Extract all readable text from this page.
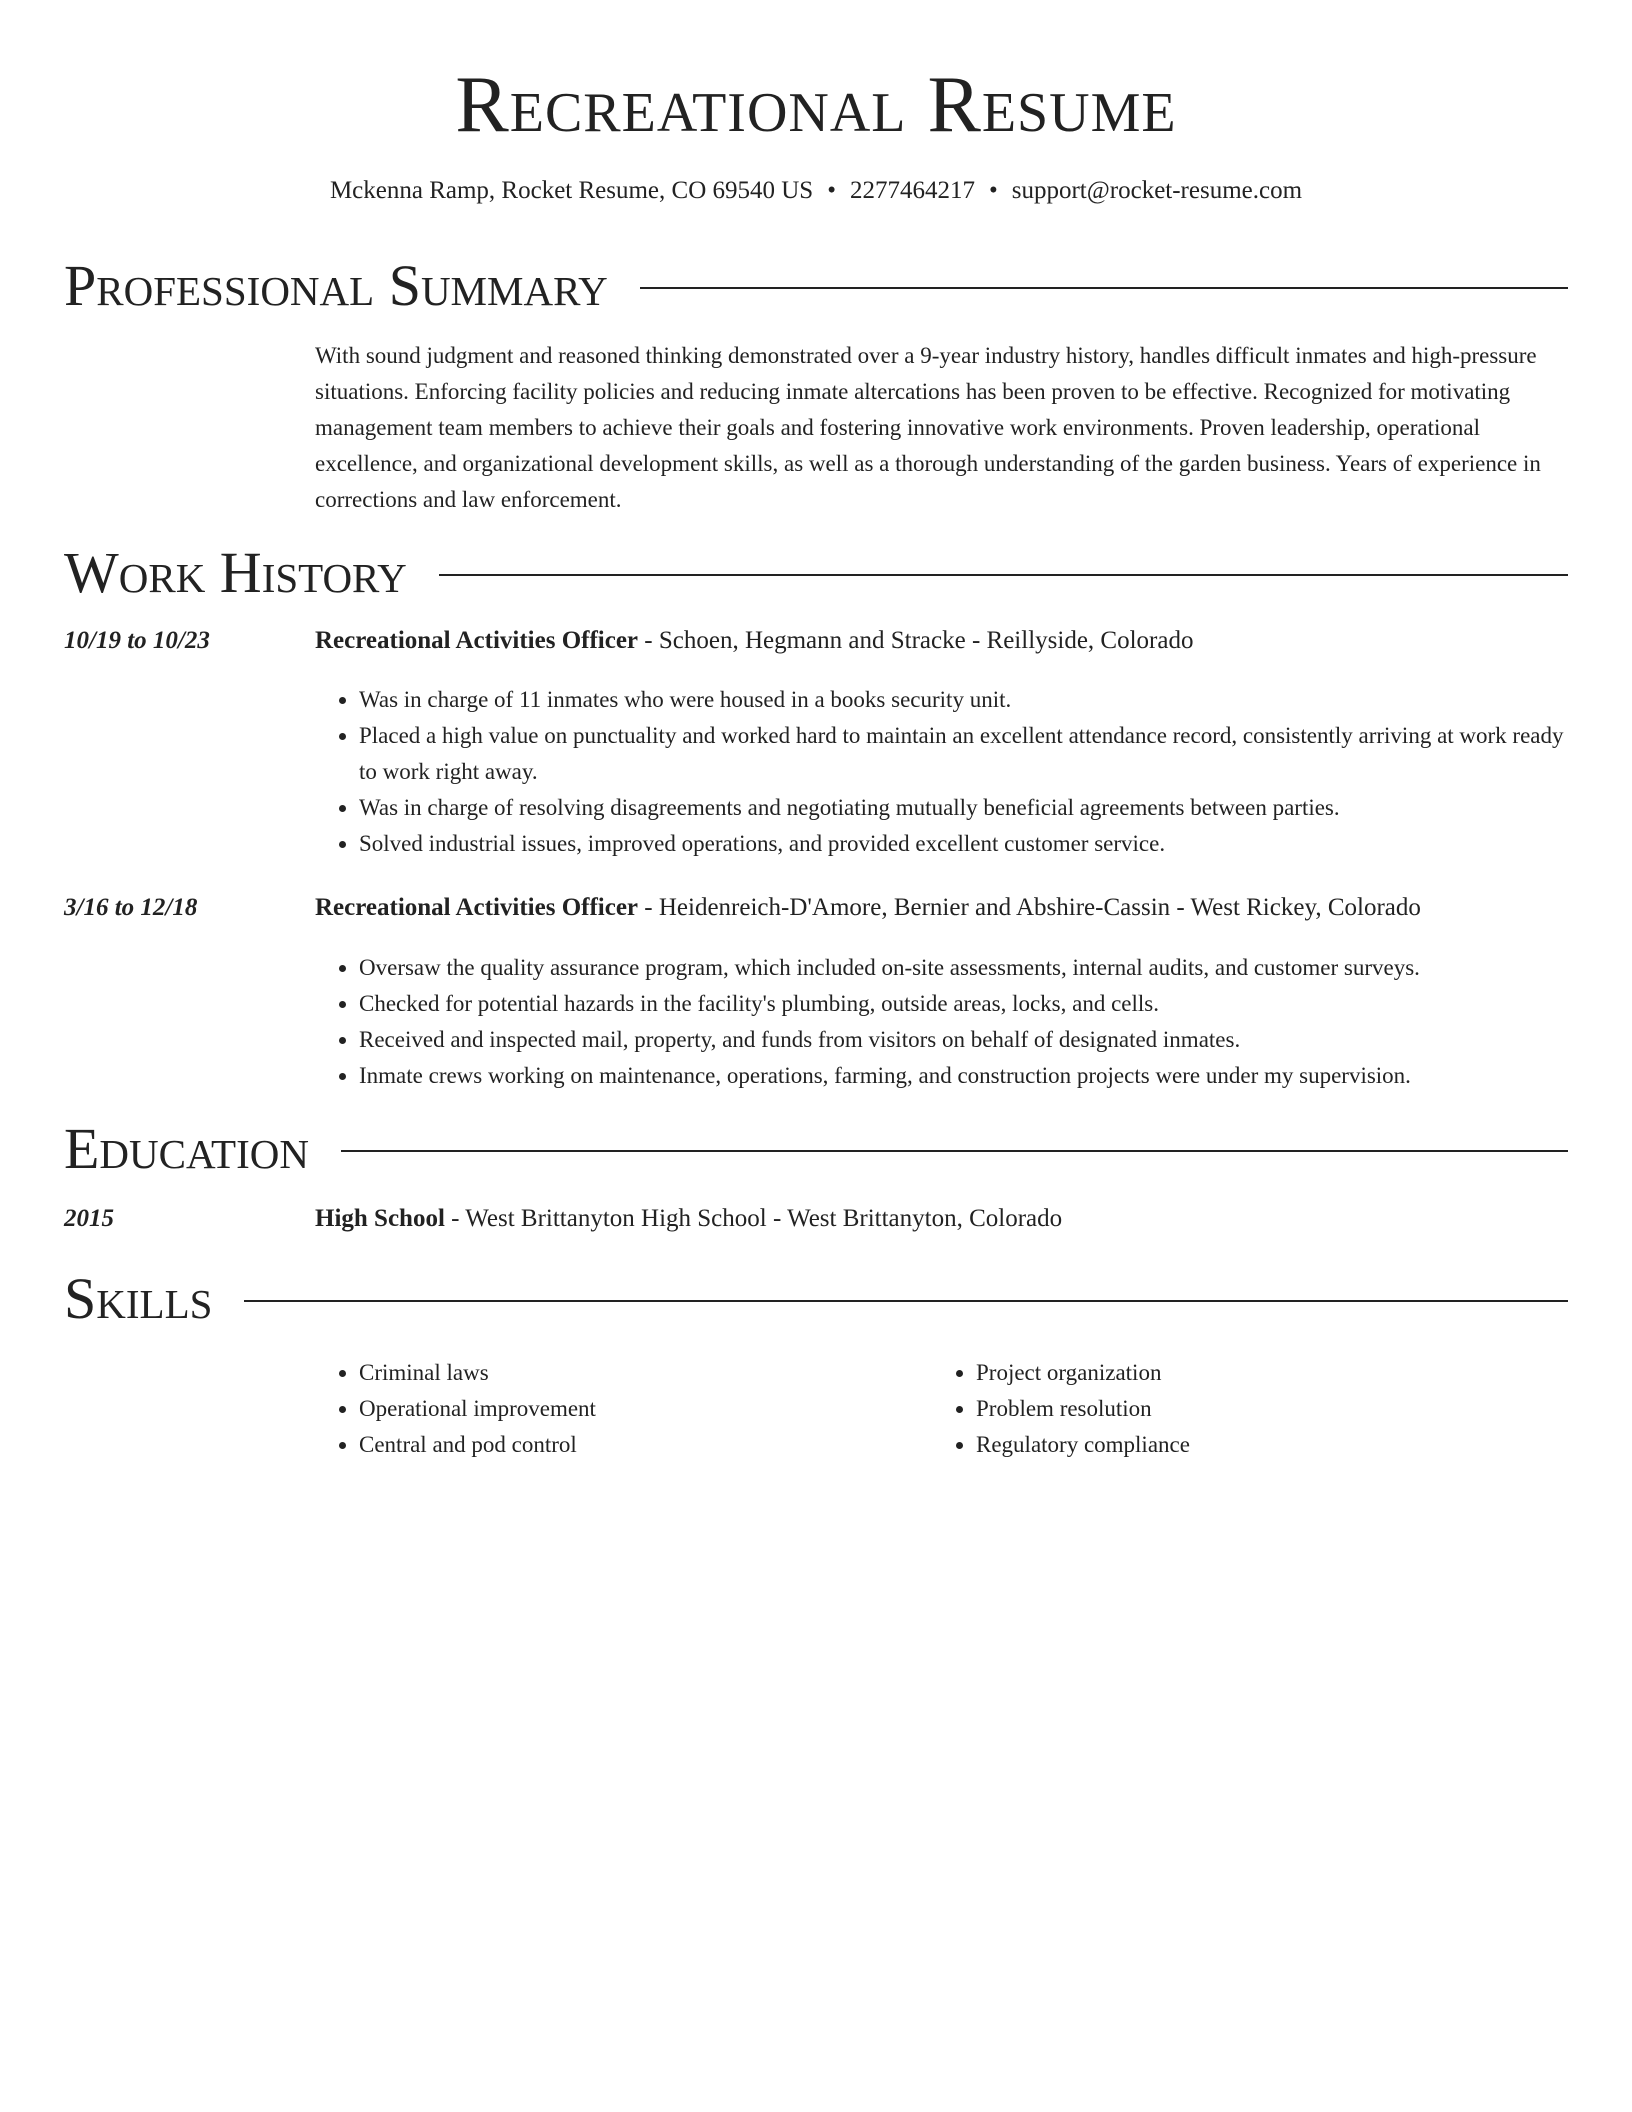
Recreational Resume
Mckenna Ramp, Rocket Resume, CO 69540 US • 2277464217 • support@rocket-resume.com
Professional Summary

With sound judgment and reasoned thinking demonstrated over a 9-year industry history, handles difficult inmates and high-pressure situations. Enforcing facility policies and reducing inmate altercations has been proven to be effective. Recognized for motivating management team members to achieve their goals and fostering innovative work environments. Proven leadership, operational excellence, and organizational development skills, as well as a thorough understanding of the garden business. Years of experience in corrections and law enforcement.

Work History
10/19 to 10/23	Recreational Activities Officer - Schoen, Hegmann and Stracke - Reillyside, Colorado
• Was in charge of 11 inmates who were housed in a books security unit.
• Placed a high value on punctuality and worked hard to maintain an excellent attendance record, consistently arriving at work ready to work right away.
• Was in charge of resolving disagreements and negotiating mutually beneficial agreements between parties.
• Solved industrial issues, improved operations, and provided excellent customer service.
3/16 to 12/18	Recreational Activities Officer - Heidenreich-D'Amore, Bernier and Abshire-Cassin - West Rickey, Colorado
• Oversaw the quality assurance program, which included on-site assessments, internal audits, and customer surveys.
• Checked for potential hazards in the facility's plumbing, outside areas, locks, and cells.
• Received and inspected mail, property, and funds from visitors on behalf of designated inmates.
• Inmate crews working on maintenance, operations, farming, and construction projects were under my supervision.
Education
2015	High School - West Brittanyton High School - West Brittanyton, Colorado
Skills
• Criminal laws
• Operational improvement
• Central and pod control
• Project organization
• Problem resolution
• Regulatory compliance
